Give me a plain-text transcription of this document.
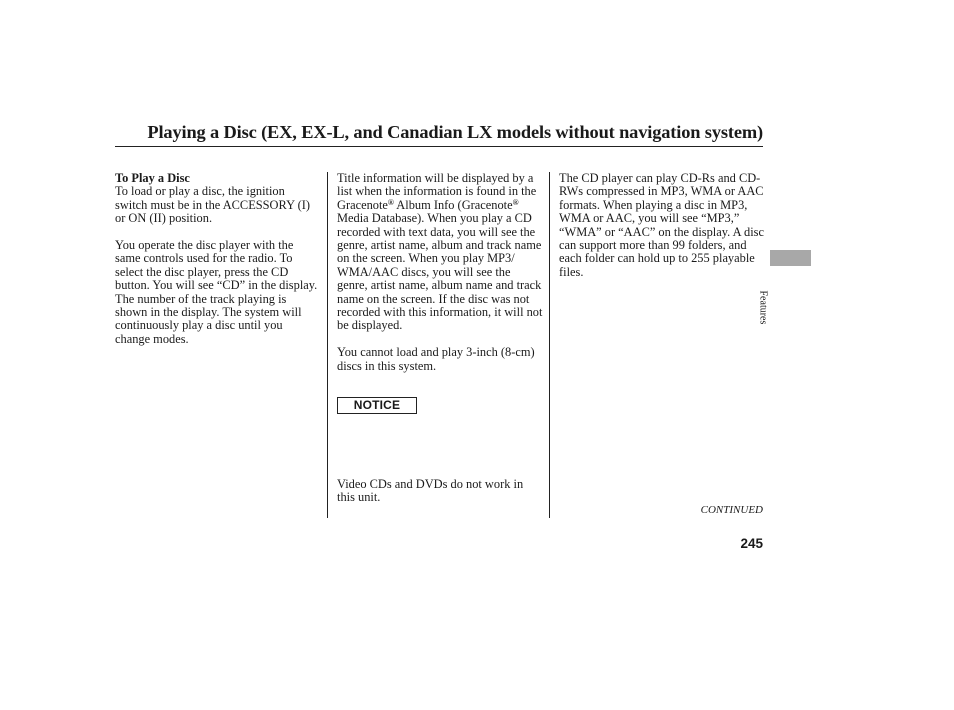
Playing a Disc (EX, EX-L, and Canadian LX models without navigation system)

To Play a Disc

To load or play a disc, the ignition switch must be in the ACCESSORY (I) or ON (II) position.

You operate the disc player with the same controls used for the radio. To select the disc player, press the CD button. You will see “CD” in the display. The number of the track playing is shown in the display. The system will continuously play a disc until you change modes.

Title information will be displayed by a list when the information is found in the Gracenote® Album Info (Gracenote® Media Database). When you play a CD recorded with text data, you will see the genre, artist name, album and track name on the screen. When you play MP3/ WMA/AAC discs, you will see the genre, artist name, album name and track name on the screen. If the disc was not recorded with this information, it will not be displayed.

You cannot load and play 3-inch (8-cm) discs in this system.

NOTICE

Video CDs and DVDs do not work in this unit.

The CD player can play CD-Rs and CD-RWs compressed in MP3, WMA or AAC formats. When playing a disc in MP3, WMA or AAC, you will see “MP3,” “WMA” or “AAC” on the display. A disc can support more than 99 folders, and each folder can hold up to 255 playable files.

Features
CONTINUED
245
